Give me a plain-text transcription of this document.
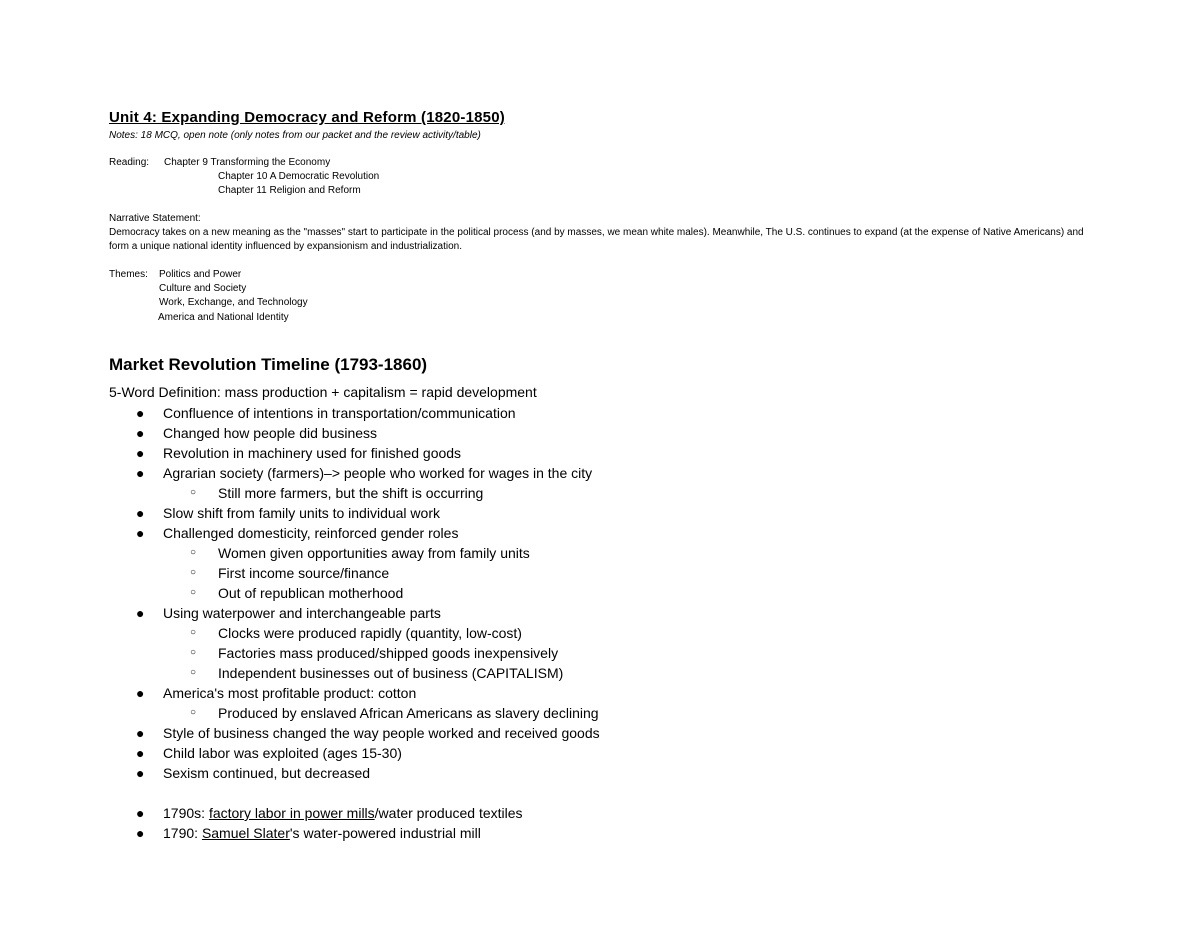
Unit 4: Expanding Democracy and Reform (1820-1850)
Notes: 18 MCQ, open note (only notes from our packet and the review activity/table)
Reading: Chapter 9 Transforming the Economy
Chapter 10 A Democratic Revolution
Chapter 11 Religion and Reform
Narrative Statement:
Democracy takes on a new meaning as the "masses" start to participate in the political process (and by masses, we mean white males). Meanwhile, The U.S. continues to expand (at the expense of Native Americans) and form a unique national identity influenced by expansionism and industrialization.
Themes: Politics and Power
Culture and Society
Work, Exchange, and Technology
America and National Identity
Market Revolution Timeline (1793-1860)
5-Word Definition: mass production + capitalism = rapid development
● Confluence of intentions in transportation/communication
● Changed how people did business
● Revolution in machinery used for finished goods
● Agrarian society (farmers)–> people who worked for wages in the city
○ Still more farmers, but the shift is occurring
● Slow shift from family units to individual work
● Challenged domesticity, reinforced gender roles
○ Women given opportunities away from family units
○ First income source/finance
○ Out of republican motherhood
● Using waterpower and interchangeable parts
○ Clocks were produced rapidly (quantity, low-cost)
○ Factories mass produced/shipped goods inexpensively
○ Independent businesses out of business (CAPITALISM)
● America's most profitable product: cotton
○ Produced by enslaved African Americans as slavery declining
● Style of business changed the way people worked and received goods
● Child labor was exploited (ages 15-30)
● Sexism continued, but decreased
● 1790s: factory labor in power mills/water produced textiles
● 1790: Samuel Slater's water-powered industrial mill
